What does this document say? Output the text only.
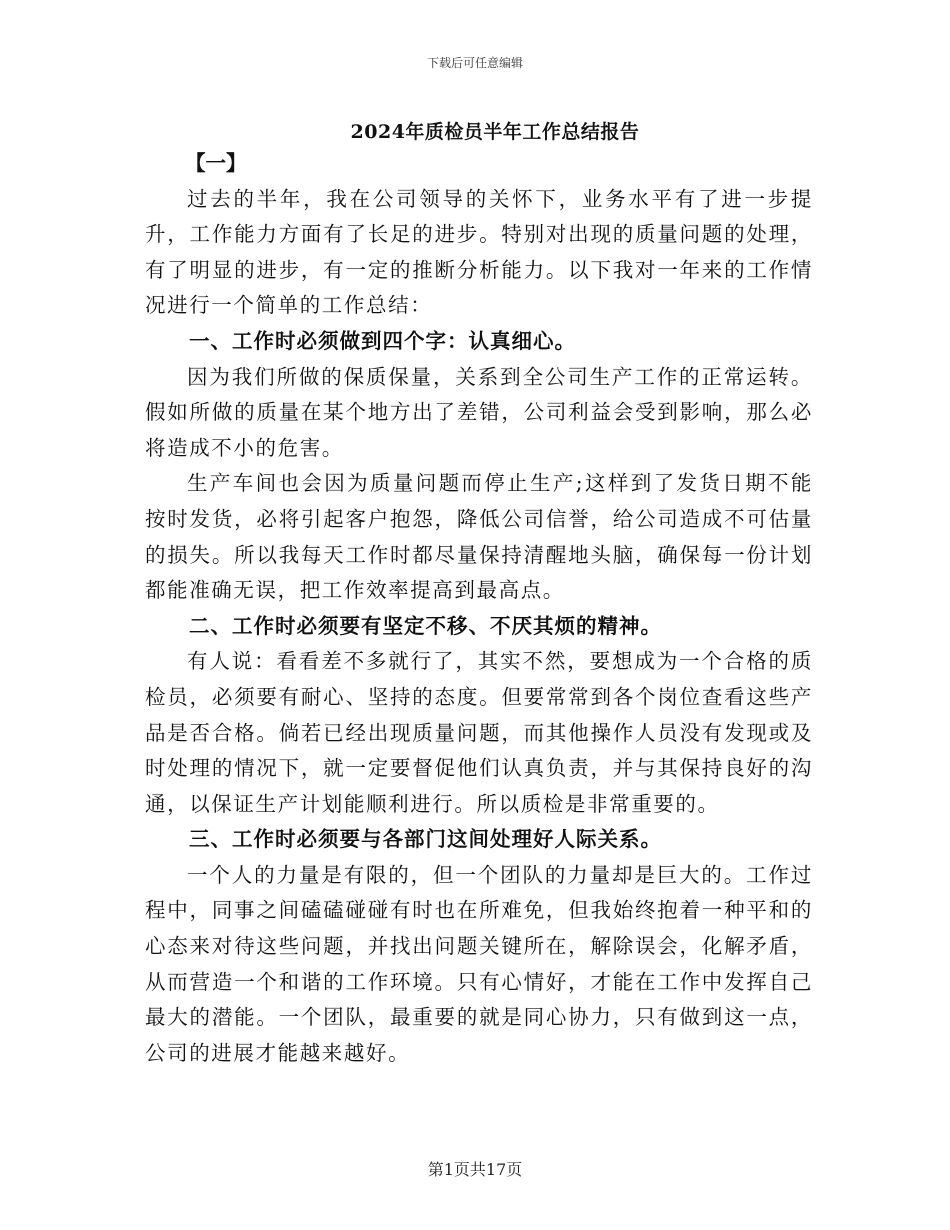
下载后可任意编辑
2024年质检员半年工作总结报告
【一】

过去的半年，我在公司领导的关怀下，业务水平有了进一步提升，工作能力方面有了长足的进步。特别对出现的质量问题的处理，有了明显的进步，有一定的推断分析能力。以下我对一年来的工作情况进行一个简单的工作总结：

一、工作时必须做到四个字：认真细心。

因为我们所做的保质保量，关系到全公司生产工作的正常运转。假如所做的质量在某个地方出了差错，公司利益会受到影响，那么必将造成不小的危害。

生产车间也会因为质量问题而停止生产;这样到了发货日期不能按时发货，必将引起客户抱怨，降低公司信誉，给公司造成不可估量的损失。所以我每天工作时都尽量保持清醒地头脑，确保每一份计划都能准确无误，把工作效率提高到最高点。

二、工作时必须要有坚定不移、不厌其烦的精神。

有人说：看看差不多就行了，其实不然，要想成为一个合格的质检员，必须要有耐心、坚持的态度。但要常常到各个岗位查看这些产品是否合格。倘若已经出现质量问题，而其他操作人员没有发现或及时处理的情况下，就一定要督促他们认真负责，并与其保持良好的沟通，以保证生产计划能顺利进行。所以质检是非常重要的。

三、工作时必须要与各部门这间处理好人际关系。

一个人的力量是有限的，但一个团队的力量却是巨大的。工作过程中，同事之间磕磕碰碰有时也在所难免，但我始终抱着一种平和的心态来对待这些问题，并找出问题关键所在，解除误会，化解矛盾，从而营造一个和谐的工作环境。只有心情好，才能在工作中发挥自己最大的潜能。一个团队，最重要的就是同心协力，只有做到这一点，公司的进展才能越来越好。

第1页共17页
